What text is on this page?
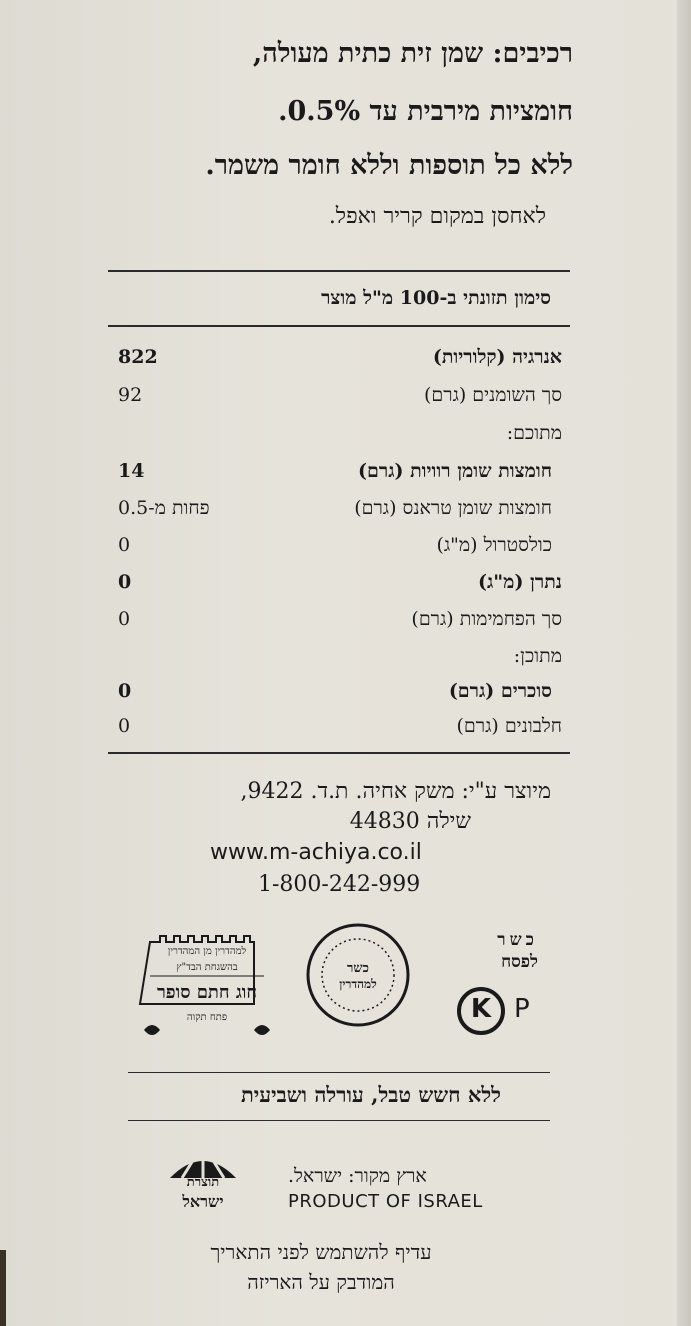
רכיבים: שמן זית כתית מעולה,
חומציות מירבית עד 0.5%.
ללא כל תוספות וללא חומר משמר.
לאחסן במקום קריר ואפל.
סימון תזונתי ב-100 מ"ל מוצר
אנרגיה (קלוריות)
822
סך השומנים (גרם)
92
מתוכם:
חומצות שומן רוויות (גרם)
14
חומצות שומן טראנס (גרם)
פחות מ-0.5
כולסטרול (מ"ג)
0
נתרן (מ"ג)
0
סך הפחמימות (גרם)
0
מתוכן:
סוכרים (גרם)
0
חלבונים (גרם)
0
מיוצר ע"י: משק אחיה. ת.ד. 9422,
שילה 44830
www.m-achiya.co.il
1-800-242-999
למהדרין מן המהדרין
בהשגחת הבד"ץ
חוג חתם סופר
פתח תקוה
כשר
למהדרין
כשר
לפסח
K P
ללא חשש טבל, עורלה ושביעית
תוצרת
ישראל
ארץ מקור: ישראל.
PRODUCT OF ISRAEL
עדיף להשתמש לפני התאריך
המודבק על האריזה
